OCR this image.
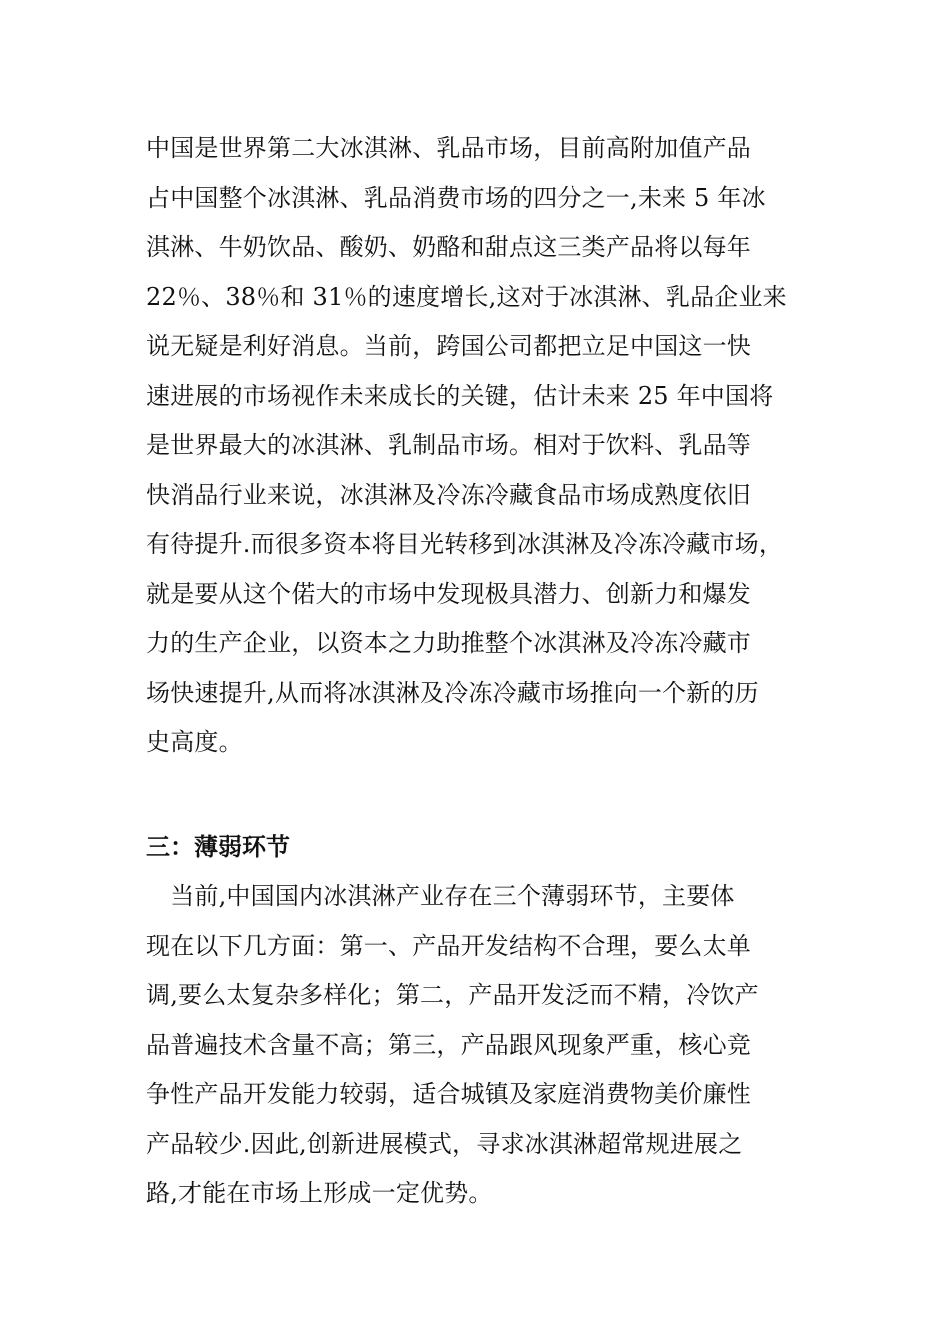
中国是世界第二大冰淇淋、乳品市场，目前高附加值产品
占中国整个冰淇淋、乳品消费市场的四分之一,未来 5 年冰
淇淋、牛奶饮品、酸奶、奶酪和甜点这三类产品将以每年
22％、38％和 31％的速度增长,这对于冰淇淋、乳品企业来
说无疑是利好消息。当前，跨国公司都把立足中国这一快
速进展的市场视作未来成长的关键，估计未来 25 年中国将
是世界最大的冰淇淋、乳制品市场。相对于饮料、乳品等
快消品行业来说，冰淇淋及冷冻冷藏食品市场成熟度依旧
有待提升.而很多资本将目光转移到冰淇淋及冷冻冷藏市场，
就是要从这个偌大的市场中发现极具潜力、创新力和爆发
力的生产企业，以资本之力助推整个冰淇淋及冷冻冷藏市
场快速提升,从而将冰淇淋及冷冻冷藏市场推向一个新的历
史高度。

三：薄弱环节

　当前,中国国内冰淇淋产业存在三个薄弱环节，主要体
现在以下几方面：第一、产品开发结构不合理，要么太单
调,要么太复杂多样化；第二，产品开发泛而不精，冷饮产
品普遍技术含量不高；第三，产品跟风现象严重，核心竞
争性产品开发能力较弱，适合城镇及家庭消费物美价廉性
产品较少.因此,创新进展模式，寻求冰淇淋超常规进展之
路,才能在市场上形成一定优势。
